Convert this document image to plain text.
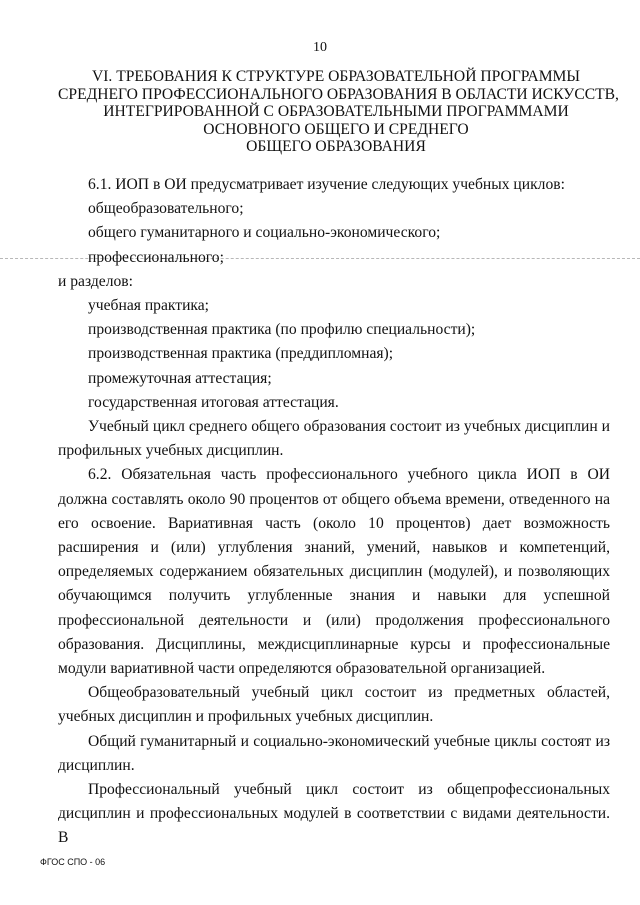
10
VI. ТРЕБОВАНИЯ К СТРУКТУРЕ ОБРАЗОВАТЕЛЬНОЙ ПРОГРАММЫ
СРЕДНЕГО ПРОФЕССИОНАЛЬНОГО ОБРАЗОВАНИЯ В ОБЛАСТИ ИСКУССТВ,
ИНТЕГРИРОВАННОЙ С ОБРАЗОВАТЕЛЬНЫМИ ПРОГРАММАМИ
ОСНОВНОГО ОБЩЕГО И СРЕДНЕГО
ОБЩЕГО ОБРАЗОВАНИЯ

6.1. ИОП в ОИ предусматривает изучение следующих учебных циклов:

общеобразовательного;

общего гуманитарного и социально-экономического;

профессионального;

и разделов:

учебная практика;

производственная практика (по профилю специальности);

производственная практика (преддипломная);

промежуточная аттестация;

государственная итоговая аттестация.

Учебный цикл среднего общего образования состоит из учебных дисциплин и профильных учебных дисциплин.

6.2. Обязательная часть профессионального учебного цикла ИОП в ОИ должна составлять около 90 процентов от общего объема времени, отведенного на его освоение. Вариативная часть (около 10 процентов) дает возможность расширения и (или) углубления знаний, умений, навыков и компетенций, определяемых содержанием обязательных дисциплин (модулей), и позволяющих обучающимся получить углубленные знания и навыки для успешной профессиональной деятельности и (или) продолжения профессионального образования. Дисциплины, междисциплинарные курсы и профессиональные модули вариативной части определяются образовательной организацией.

Общеобразовательный учебный цикл состоит из предметных областей, учебных дисциплин и профильных учебных дисциплин.

Общий гуманитарный и социально-экономический учебные циклы состоят из дисциплин.

Профессиональный учебный цикл состоит из общепрофессиональных дисциплин и профессиональных модулей в соответствии с видами деятельности. В

ФГОС СПО - 06
